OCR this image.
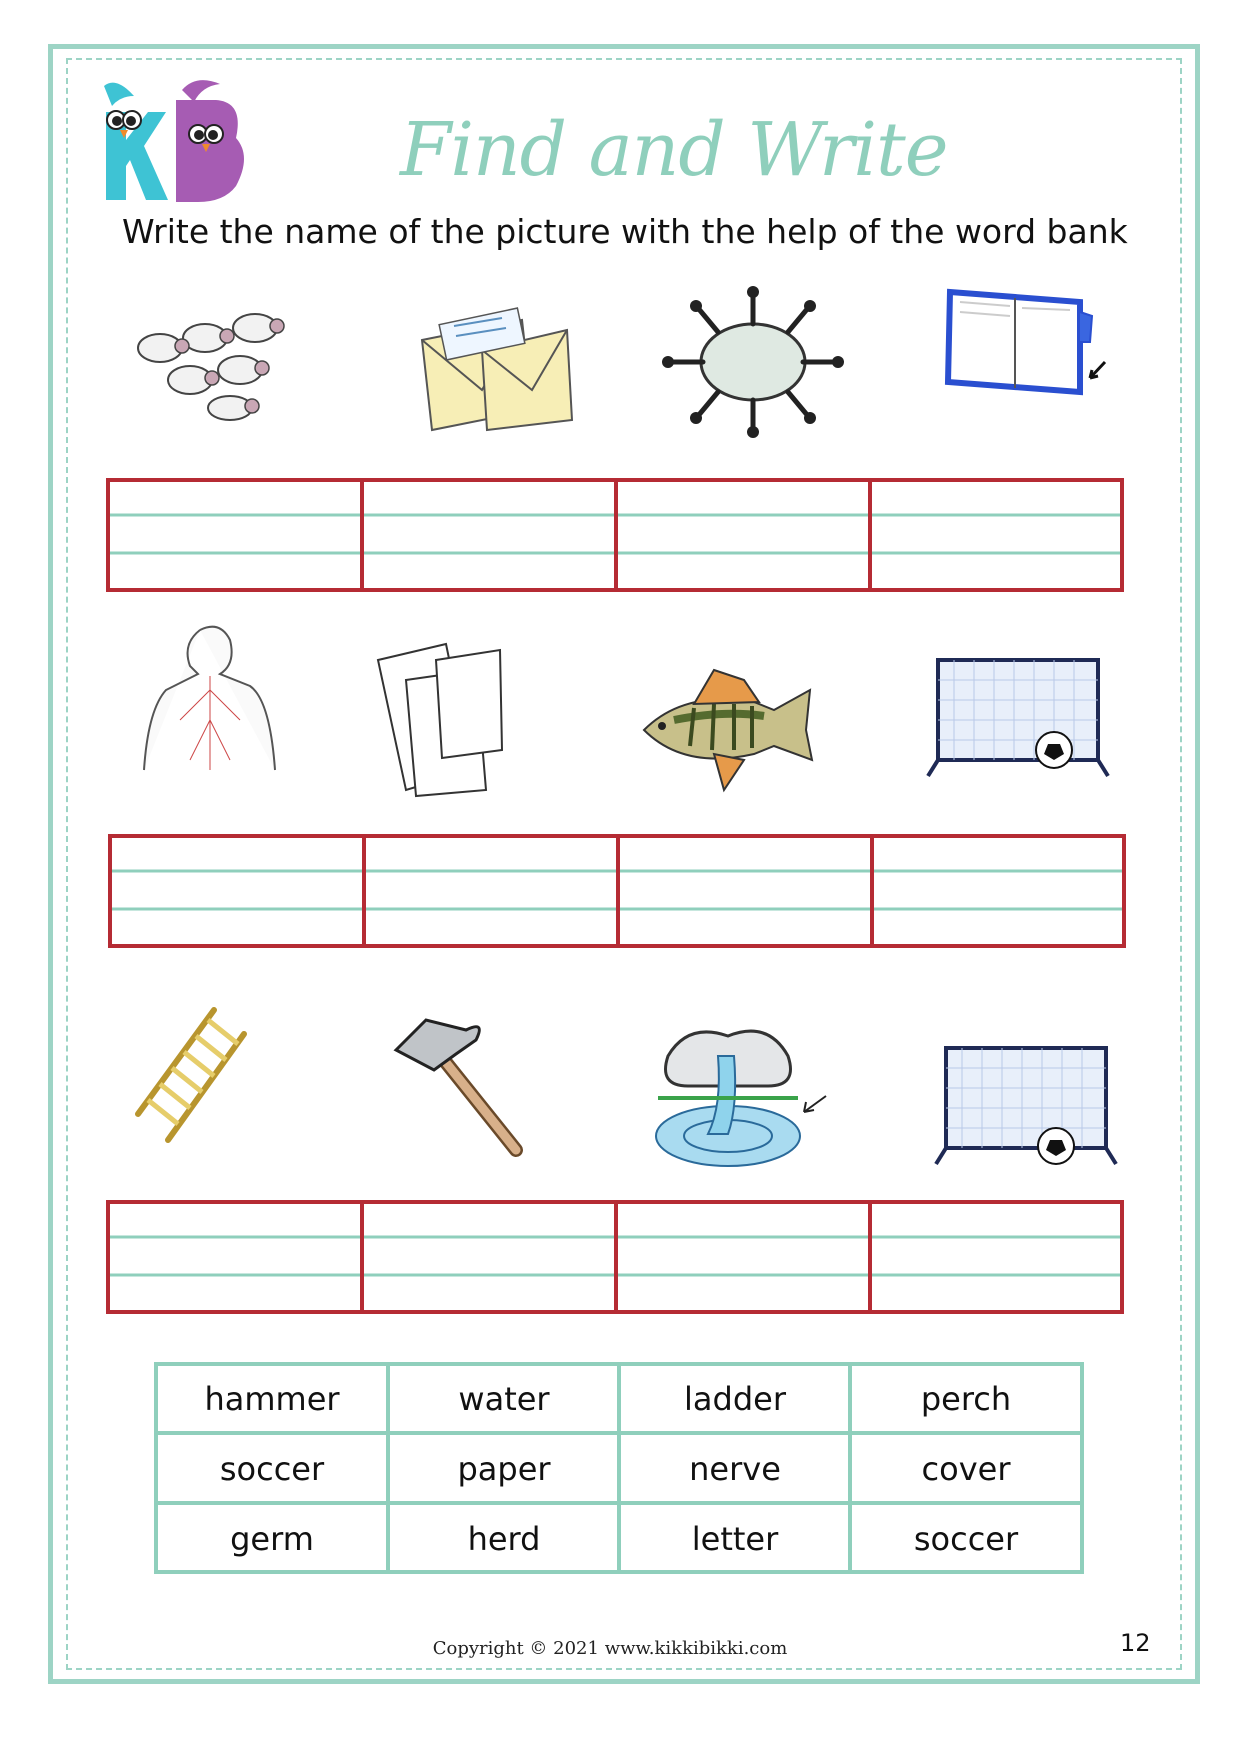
Find and Write
Write the name of the picture with the help of the word bank
hammer	water	ladder	perch
soccer	paper	nerve	cover
germ	herd	letter	soccer
Copyright © 2021 www.kikkibikki.com	12
